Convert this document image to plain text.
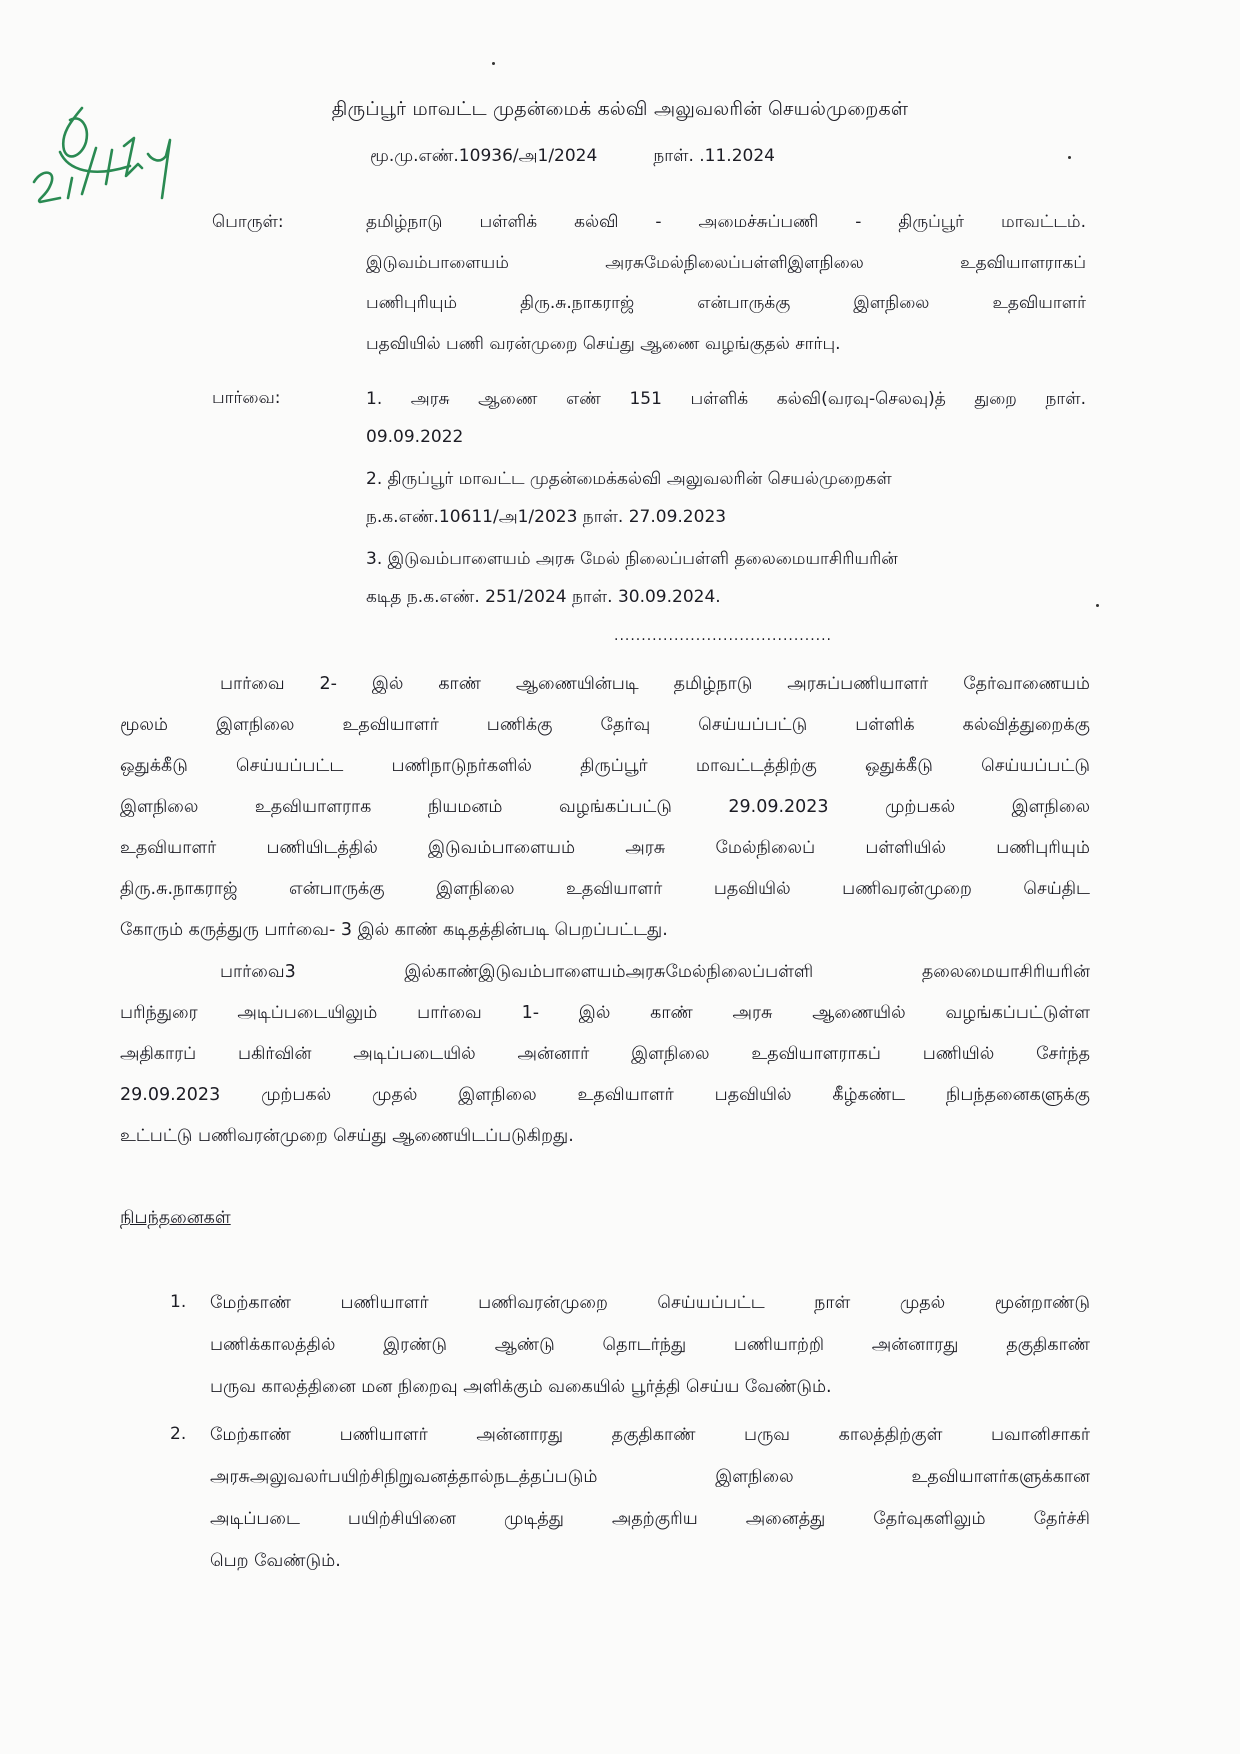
திருப்பூர் மாவட்ட முதன்மைக் கல்வி அலுவலரின் செயல்முறைகள்
மூ.மு.எண்.10936/அ1/2024	நாள். .11.2024
பொருள்:	தமிழ்நாடு பள்ளிக் கல்வி - அமைச்சுப்பணி - திருப்பூர் மாவட்டம்.

இடுவம்பாளையம் அரசுமேல்நிலைப்பள்ளிஇளநிலை உதவியாளராகப்

பணிபுரியும் திரு.சு.நாகராஜ் என்பாருக்கு இளநிலை உதவியாளர்

பதவியில் பணி வரன்முறை செய்து ஆணை வழங்குதல் சார்பு.

பார்வை:	1. அரசு ஆணை எண் 151 பள்ளிக் கல்வி(வரவு-செலவு)த் துறை நாள்.
09.09.2022
2. திருப்பூர் மாவட்ட முதன்மைக்கல்வி அலுவலரின் செயல்முறைகள்
ந.க.எண்.10611/அ1/2023 நாள். 27.09.2023
3. இடுவம்பாளையம் அரசு மேல் நிலைப்பள்ளி தலைமையாசிரியரின்
கடித ந.க.எண். 251/2024 நாள். 30.09.2024.
........................................
பார்வை 2- இல் காண் ஆணையின்படி தமிழ்நாடு அரசுப்பணியாளர் தேர்வாணையம்
மூலம் இளநிலை உதவியாளர் பணிக்கு தேர்வு செய்யப்பட்டு பள்ளிக் கல்வித்துறைக்கு
ஒதுக்கீடு செய்யப்பட்ட பணிநாடுநர்களில் திருப்பூர் மாவட்டத்திற்கு ஒதுக்கீடு செய்யப்பட்டு
இளநிலை உதவியாளராக நியமனம் வழங்கப்பட்டு 29.09.2023 முற்பகல் இளநிலை
உதவியாளர் பணியிடத்தில் இடுவம்பாளையம் அரசு மேல்நிலைப் பள்ளியில் பணிபுரியும்
திரு.சு.நாகராஜ் என்பாருக்கு இளநிலை உதவியாளர் பதவியில் பணிவரன்முறை செய்திட
கோரும் கருத்துரு பார்வை- 3 இல் காண் கடிதத்தின்படி பெறப்பட்டது.
பார்வை3 இல்காண்இடுவம்பாளையம்அரசுமேல்நிலைப்பள்ளி தலைமையாசிரியரின்
பரிந்துரை அடிப்படையிலும் பார்வை 1- இல் காண் அரசு ஆணையில் வழங்கப்பட்டுள்ள
அதிகாரப் பகிர்வின் அடிப்படையில் அன்னார் இளநிலை உதவியாளராகப் பணியில் சேர்ந்த
29.09.2023 முற்பகல் முதல் இளநிலை உதவியாளர் பதவியில் கீழ்கண்ட நிபந்தனைகளுக்கு
உட்பட்டு பணிவரன்முறை செய்து ஆணையிடப்படுகிறது.
நிபந்தனைகள்
1. மேற்காண் பணியாளர் பணிவரன்முறை செய்யப்பட்ட நாள் முதல் மூன்றாண்டு
பணிக்காலத்தில் இரண்டு ஆண்டு தொடர்ந்து பணியாற்றி அன்னாரது தகுதிகாண்
பருவ காலத்தினை மன நிறைவு அளிக்கும் வகையில் பூர்த்தி செய்ய வேண்டும்.
2. மேற்காண் பணியாளர் அன்னாரது தகுதிகாண் பருவ காலத்திற்குள் பவானிசாகர்
அரசுஅலுவலர்பயிற்சிநிறுவனத்தால்நடத்தப்படும் இளநிலை உதவியாளர்களுக்கான
அடிப்படை பயிற்சியினை முடித்து அதற்குரிய அனைத்து தேர்வுகளிலும் தேர்ச்சி
பெற வேண்டும்.
